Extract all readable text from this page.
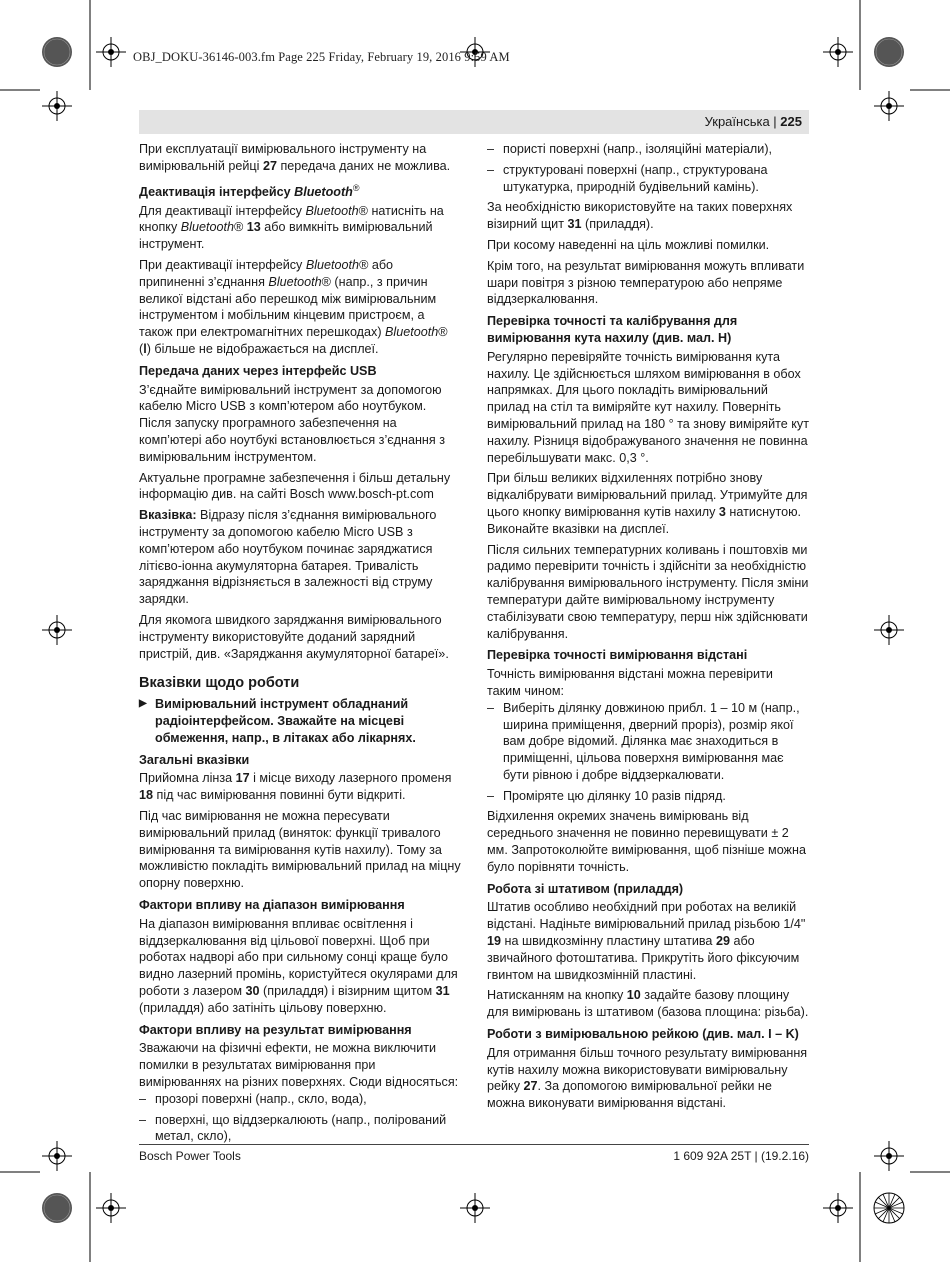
OBJ_DOKU-36146-003.fm Page 225 Friday, February 19, 2016 9:59 AM
Українська | 225

При експлуатації вимірювального інструменту на вимірювальній рейці 27 передача даних не можлива.

Деактивація інтерфейсу Bluetooth®

Для деактивації інтерфейсу Bluetooth® натисніть на кнопку Bluetooth® 13 або вимкніть вимірювальний інструмент.

При деактивації інтерфейсу Bluetooth® або припиненні з’єднання Bluetooth® (напр., з причин великої відстані або перешкод між вимірювальним інструментом і мобільним кінцевим пристроєм, а також при електромагнітних перешкодах) Bluetooth® (l) більше не відображається на дисплеї.

Передача даних через інтерфейс USB

З’єднайте вимірювальний інструмент за допомогою кабелю Micro USB з комп’ютером або ноутбуком. Після запуску програмного забезпечення на комп’ютері або ноутбукі встановлюється з’єднання з вимірювальним інструментом.

Актуальне програмне забезпечення і більш детальну інформацію див. на сайті Bosch www.bosch-pt.com

Вказівка: Відразу після з’єднання вимірювального інструменту за допомогою кабелю Micro USB з комп’ютером або ноутбуком починає заряджатися літієво-іонна акумуляторна батарея. Тривалість заряджання відрізняється в залежності від струму зарядки.

Для якомога швидкого заряджання вимірювального інструменту використовуйте доданий зарядний пристрій, див. «Заряджання акумуляторної батареї».

Вказівки щодо роботи

▶ Вимірювальний інструмент обладнаний радіоінтерфейсом. Зважайте на місцеві обмеження, напр., в літаках або лікарнях.

Загальні вказівки

Прийомна лінза 17 і місце виходу лазерного променя 18 під час вимірювання повинні бути відкриті.

Під час вимірювання не можна пересувати вимірювальний прилад (виняток: функції тривалого вимірювання та вимірювання кутів нахилу). Тому за можливістю покладіть вимірювальний прилад на міцну опорну поверхню.

Фактори впливу на діапазон вимірювання

На діапазон вимірювання впливає освітлення і віддзеркалювання від цільової поверхні. Щоб при роботах надворі або при сильному сонці краще було видно лазерний промінь, користуйтеся окулярами для роботи з лазером 30 (приладдя) і візирним щитом 31 (приладдя) або затініть цільову поверхню.

Фактори впливу на результат вимірювання

Зважаючи на фізичні ефекти, не можна виключити помилки в результатах вимірювання при вимірюваннях на різних поверхнях. Сюди відносяться:

– прозорі поверхні (напр., скло, вода),

– поверхні, що віддзеркалюють (напр., полірований метал, скло),

– пористі поверхні (напр., ізоляційні матеріали),

– структуровані поверхні (напр., структурована штукатурка, природній будівельний камінь).

За необхідністю використовуйте на таких поверхнях візирний щит 31 (приладдя).

При косому наведенні на ціль можливі помилки.

Крім того, на результат вимірювання можуть впливати шари повітря з різною температурою або непряме віддзеркалювання.

Перевірка точності та калібрування для вимірювання кута нахилу (див. мал. H)

Регулярно перевіряйте точність вимірювання кута нахилу. Це здійснюється шляхом вимірювання в обох напрямках. Для цього покладіть вимірювальний прилад на стіл та виміряйте кут нахилу. Поверніть вимірювальний прилад на 180 ° та знову виміряйте кут нахилу. Різниця відображуваного значення не повинна перебільшувати макс. 0,3 °.

При більш великих відхиленнях потрібно знову відкалібрувати вимірювальний прилад. Утримуйте для цього кнопку вимірювання кутів нахилу 3 натиснутою. Виконайте вказівки на дисплеї.

Після сильних температурних коливань і поштовхів ми радимо перевірити точність і здійсніти за необхідністю калібрування вимірювального інструменту. Після зміни температури дайте вимірювальному інструменту стабілізувати свою температуру, перш ніж здійснювати калібрування.

Перевірка точності вимірювання відстані

Точність вимірювання відстані можна перевірити таким чином:

– Виберіть ділянку довжиною прибл. 1 – 10 м (напр., ширина приміщення, дверний проріз), розмір якої вам добре відомий. Ділянка має знаходиться в приміщенні, цільова поверхня вимірювання має бути рівною і добре віддзеркалювати.

– Проміряте цю ділянку 10 разів підряд.

Відхилення окремих значень вимірювань від середнього значення не повинно перевищувати ± 2 мм. Запротоколюйте вимірювання, щоб пізніше можна було порівняти точність.

Робота зі штативом (приладдя)

Штатив особливо необхідний при роботах на великій відстані. Надіньте вимірювальний прилад різьбою 1/4" 19 на швидкозмінну пластину штатива 29 або звичайного фотоштатива. Прикрутіть його фіксуючим гвинтом на швидкозмінній пластині.

Натисканням на кнопку 10 задайте базову площину для вимірювань із штативом (базова площина: різьба).

Роботи з вимірювальною рейкою (див. мал. I – K)

Для отримання більш точного результату вимірювання кутів нахилу можна використовувати вимірювальну рейку 27. За допомогою вимірювальної рейки не можна виконувати вимірювання відстані.

Bosch Power Tools	1 609 92A 25T | (19.2.16)
